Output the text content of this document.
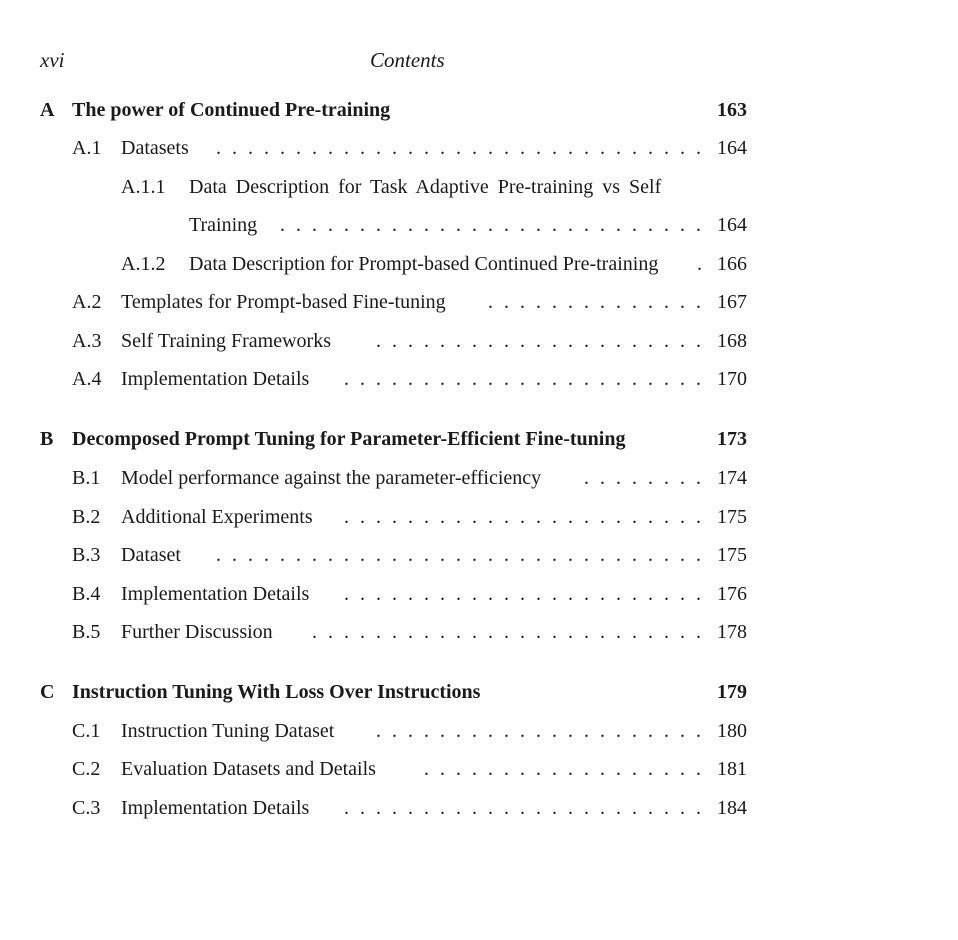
xvi	Contents
A The power of Continued Pre-training	163
A.1 Datasets . . . . . . . . . . . . . . . . . . . . . . . . . . . . . . . 164
A.1.1 Data Description for Task Adaptive Pre-training vs Self
Training . . . . . . . . . . . . . . . . . . . . . . . . . . . 164
A.1.2 Data Description for Prompt-based Continued Pre-training . 166
A.2 Templates for Prompt-based Fine-tuning . . . . . . . . . . . . . . 167
A.3 Self Training Frameworks . . . . . . . . . . . . . . . . . . . . . 168
A.4 Implementation Details . . . . . . . . . . . . . . . . . . . . . . . 170
B Decomposed Prompt Tuning for Parameter-Efficient Fine-tuning	173
B.1 Model performance against the parameter-efficiency . . . . . . . . 174
B.2 Additional Experiments . . . . . . . . . . . . . . . . . . . . . . . 175
B.3 Dataset . . . . . . . . . . . . . . . . . . . . . . . . . . . . . . . 175
B.4 Implementation Details . . . . . . . . . . . . . . . . . . . . . . . 176
B.5 Further Discussion . . . . . . . . . . . . . . . . . . . . . . . . . 178
C Instruction Tuning With Loss Over Instructions	179
C.1 Instruction Tuning Dataset . . . . . . . . . . . . . . . . . . . . . 180
C.2 Evaluation Datasets and Details . . . . . . . . . . . . . . . . . . 181
C.3 Implementation Details . . . . . . . . . . . . . . . . . . . . . . . 184
